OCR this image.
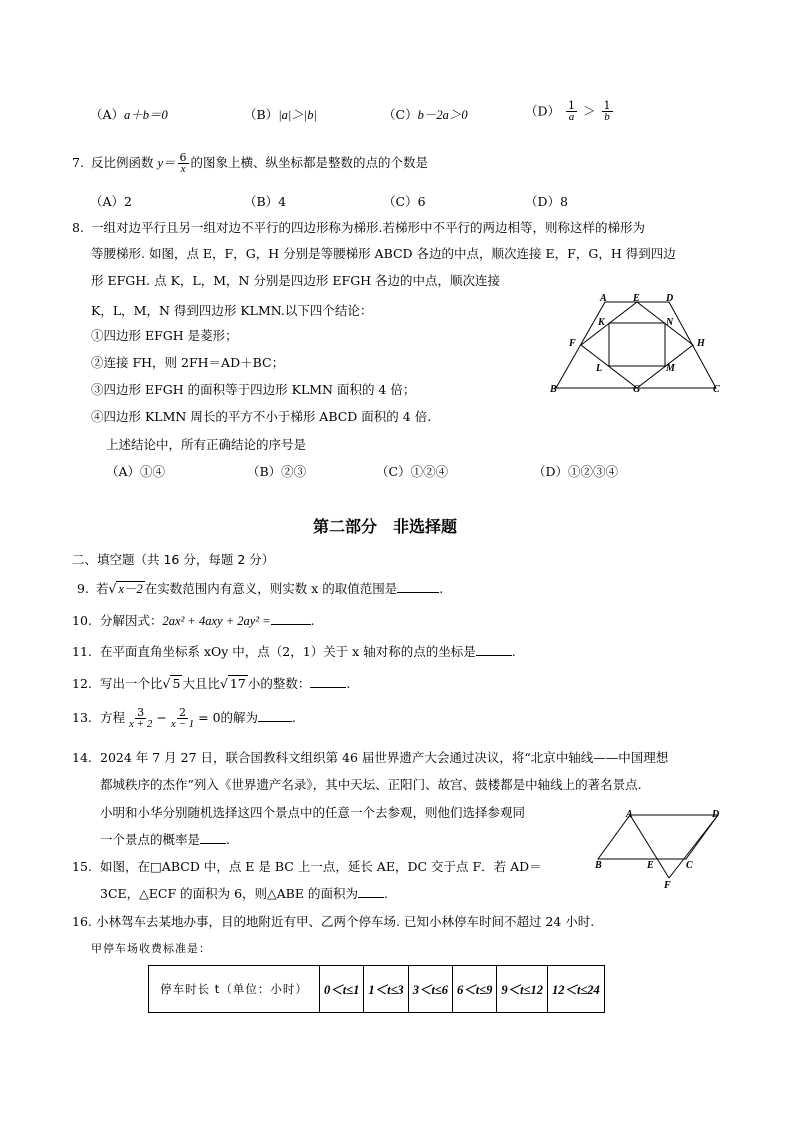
（A）a＋b＝0	（B）|a|＞|b|	（C）b－2a＞0	$(D) \frac{1}{a} > \frac{1}{b}$
7. 反比例函数 $y= \frac{6}{x}$ 的图象上横、纵坐标都是整数的点的个数是
（A）2	（B）4	（C）6	（D）8
8. 一组对边平行且另一组对边不平行的四边形称为梯形.若梯形中不平行的两边相等，则称这样的梯形为
等腰梯形. 如图，点 E，F，G，H 分别是等腰梯形 ABCD 各边的中点，顺次连接 E，F，G，H 得到四边
形 EFGH. 点 K，L，M，N 分别是四边形 EFGH 各边的中点，顺次连接
K，L，M，N 得到四边形 KLMN.以下四个结论：
①四边形 EFGH 是菱形；
②连接 FH，则 2FH＝AD＋BC；
③四边形 EFGH 的面积等于四边形 KLMN 面积的 4 倍；
④四边形 KLMN 周长的平方不小于梯形 ABCD 面积的 4 倍.
上述结论中，所有正确结论的序号是
（A）①④	（B）②③	（C）①②④	（D）①②③④
A	E	D
K	N
F	H
L	M
B	G	C
第二部分　非选择题
二、填空题（共 16 分，每题 2 分）
9. 若√ x－2 在实数范围内有意义，则实数 x 的取值范围是	.
10. 分解因式：2ax² + 4axy + 2ay² =	.
11. 在平面直角坐标系 xOy 中，点（2，1）关于 x 轴对称的点的坐标是	.
12. 写出一个比√ 5 大且比√ 17 小的整数：	.
13. 方程 $\frac{3}{x + 2} - \frac{2}{x - 1} = 0$的解为	.
14. 2024 年 7 月 27 日，联合国教科文组织第 46 届世界遗产大会通过决议，将“北京中轴线——中国理想
都城秩序的杰作”列入《世界遗产名录》，其中天坛、正阳门、故宫、鼓楼都是中轴线上的著名景点.
小明和小华分别随机选择这四个景点中的任意一个去参观，则他们选择参观同
一个景点的概率是 .
15. 如图，在□ABCD 中，点 E 是 BC 上一点，延长 AE，DC 交于点 F．若 AD＝
3CE，△ECF 的面积为 6，则△ABE 的面积为 .
A	D
B	E	C
F
16. 小林驾车去某地办事，目的地附近有甲、乙两个停车场. 已知小林停车时间不超过 24 小时.
甲停车场收费标准是：
停车时长 t（单位：小时）	0＜t≤1	1＜t≤3	3＜t≤6	6＜t≤9	9＜t≤12	12＜t≤24
